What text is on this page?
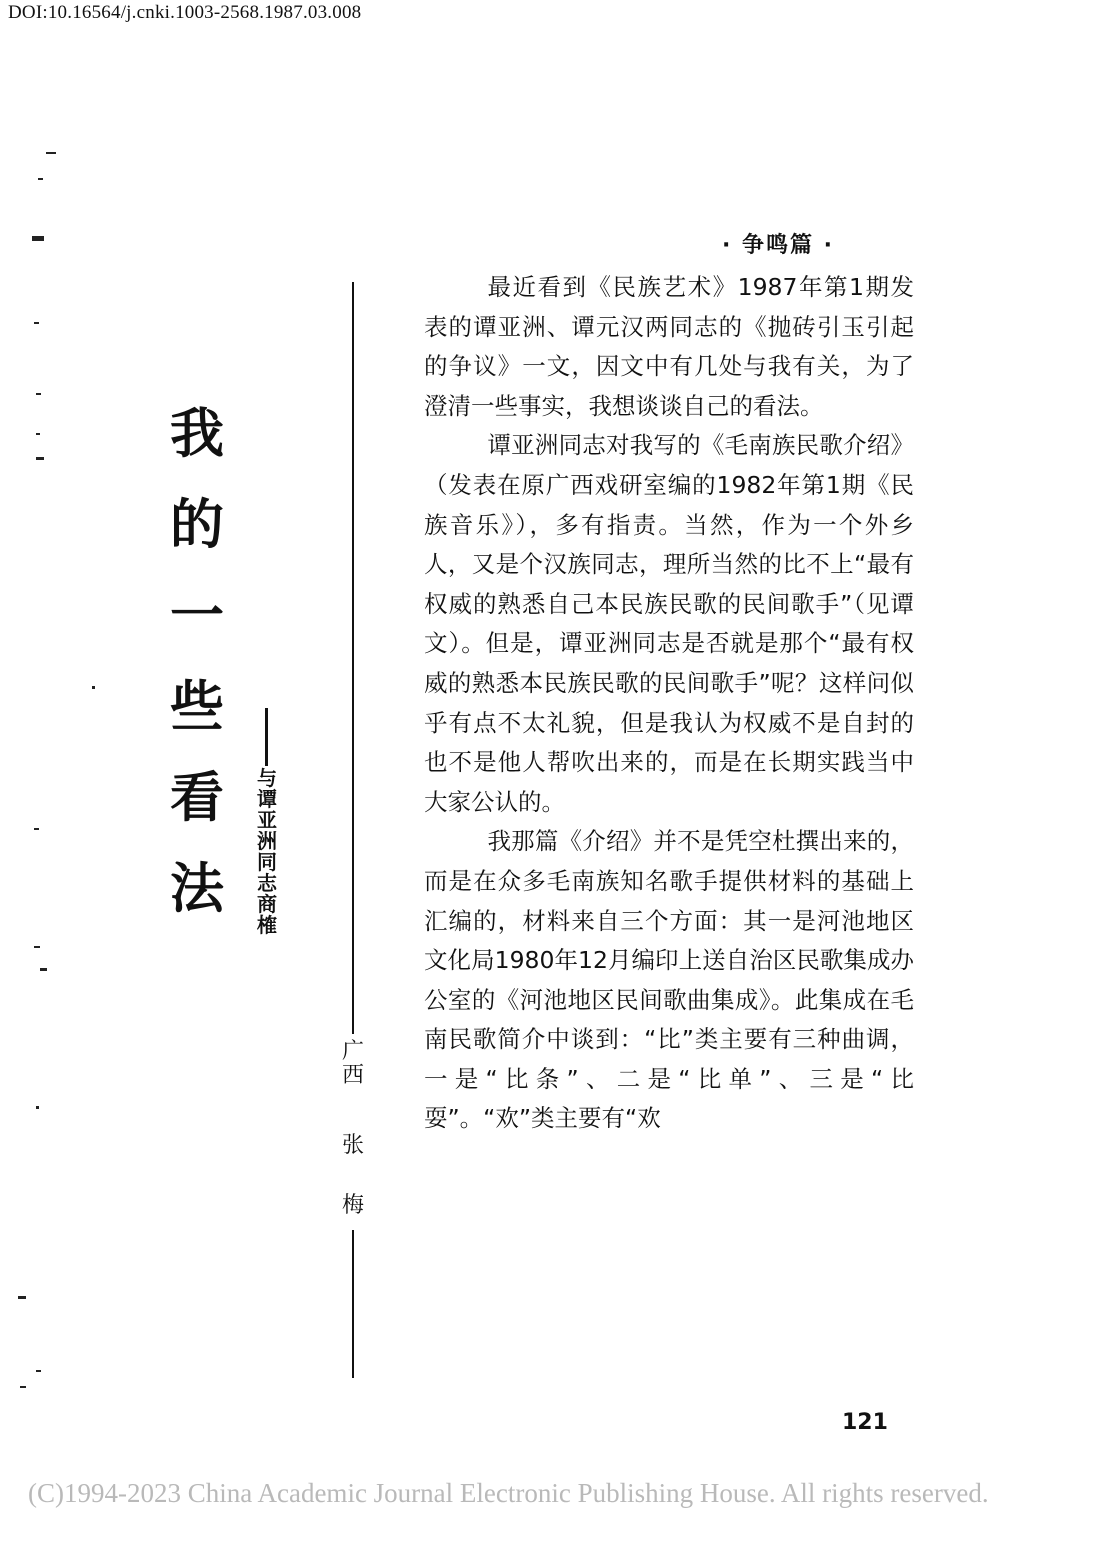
DOI:10.16564/j.cnki.1003-2568.1987.03.008
· 争鸣篇 ·
我
的
一
些
看
法
与
谭
亚
洲
同
志
商
榷
广
西
张
梅

最近看到《民族艺术》1987年第1期发表的谭亚洲、谭元汉两同志的《抛砖引玉引起的争议》一文，因文中有几处与我有关，为了澄清一些事实，我想谈谈自己的看法。

谭亚洲同志对我写的《毛南族民歌介绍》（发表在原广西戏研室编的1982年第1期《民族音乐》），多有指责。当然，作为一个外乡人，又是个汉族同志，理所当然的比不上“最有权威的熟悉自己本民族民歌的民间歌手”（见谭文）。但是，谭亚洲同志是否就是那个“最有权威的熟悉本民族民歌的民间歌手”呢？这样问似乎有点不太礼貌，但是我认为权威不是自封的也不是他人帮吹出来的，而是在长期实践当中大家公认的。

我那篇《介绍》并不是凭空杜撰出来的，而是在众多毛南族知名歌手提供材料的基础上汇编的，材料来自三个方面：其一是河池地区文化局1980年12月编印上送自治区民歌集成办公室的《河池地区民间歌曲集成》。此集成在毛南民歌简介中谈到：“比”类主要有三种曲调，一是“比条”、二是“比单”、三是“比耍”。“欢”类主要有“欢

121
(C)1994-2023 China Academic Journal Electronic Publishing House. All rights reserved.
